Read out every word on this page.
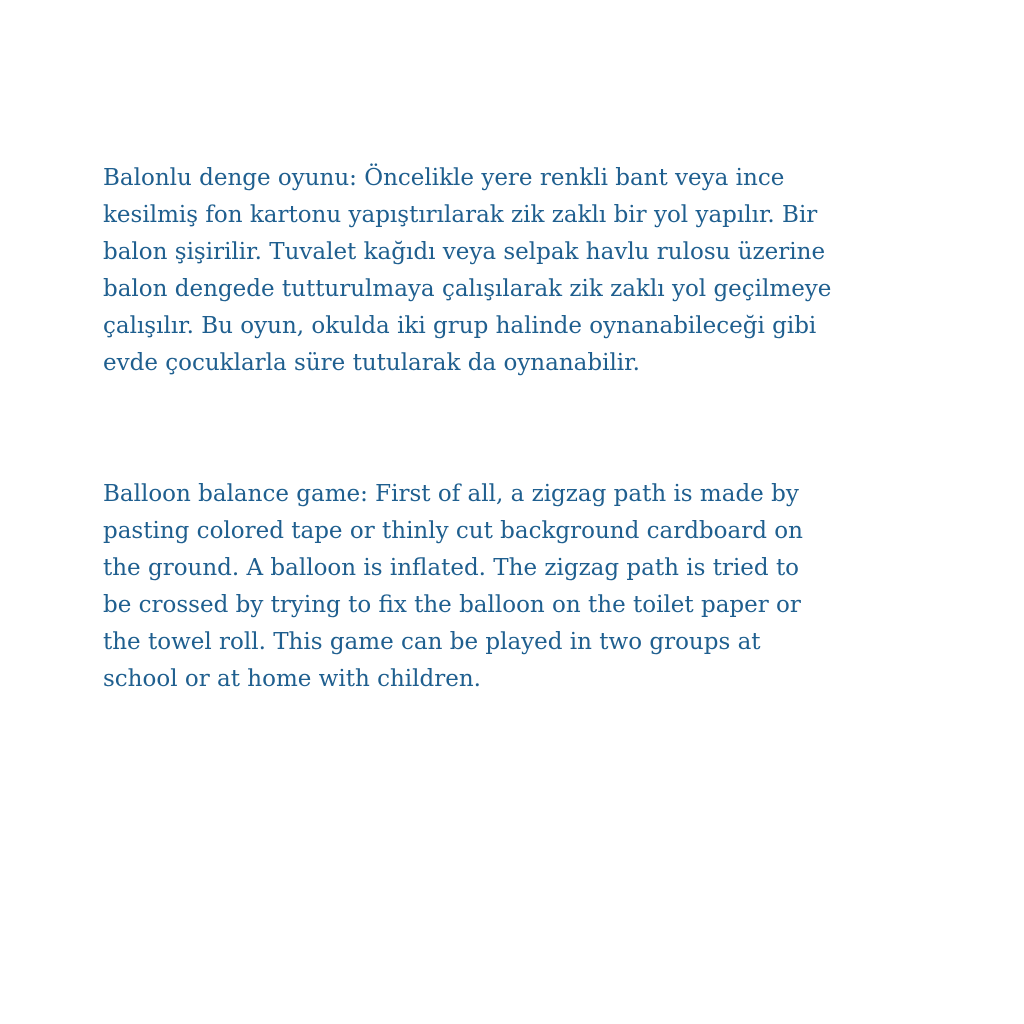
Balonlu denge oyunu: Öncelikle yere renkli bant veya ince
kesilmiş fon kartonu yapıştırılarak zik zaklı bir yol yapılır. Bir
balon şişirilir. Tuvalet kağıdı veya selpak havlu rulosu üzerine
balon dengede tutturulmaya çalışılarak zik zaklı yol geçilmeye
çalışılır. Bu oyun, okulda iki grup halinde oynanabileceği gibi
evde çocuklarla süre tutularak da oynanabilir.

Balloon balance game: First of all, a zigzag path is made by
pasting colored tape or thinly cut background cardboard on
the ground. A balloon is inflated. The zigzag path is tried to
be crossed by trying to fix the balloon on the toilet paper or
the towel roll. This game can be played in two groups at
school or at home with children.
